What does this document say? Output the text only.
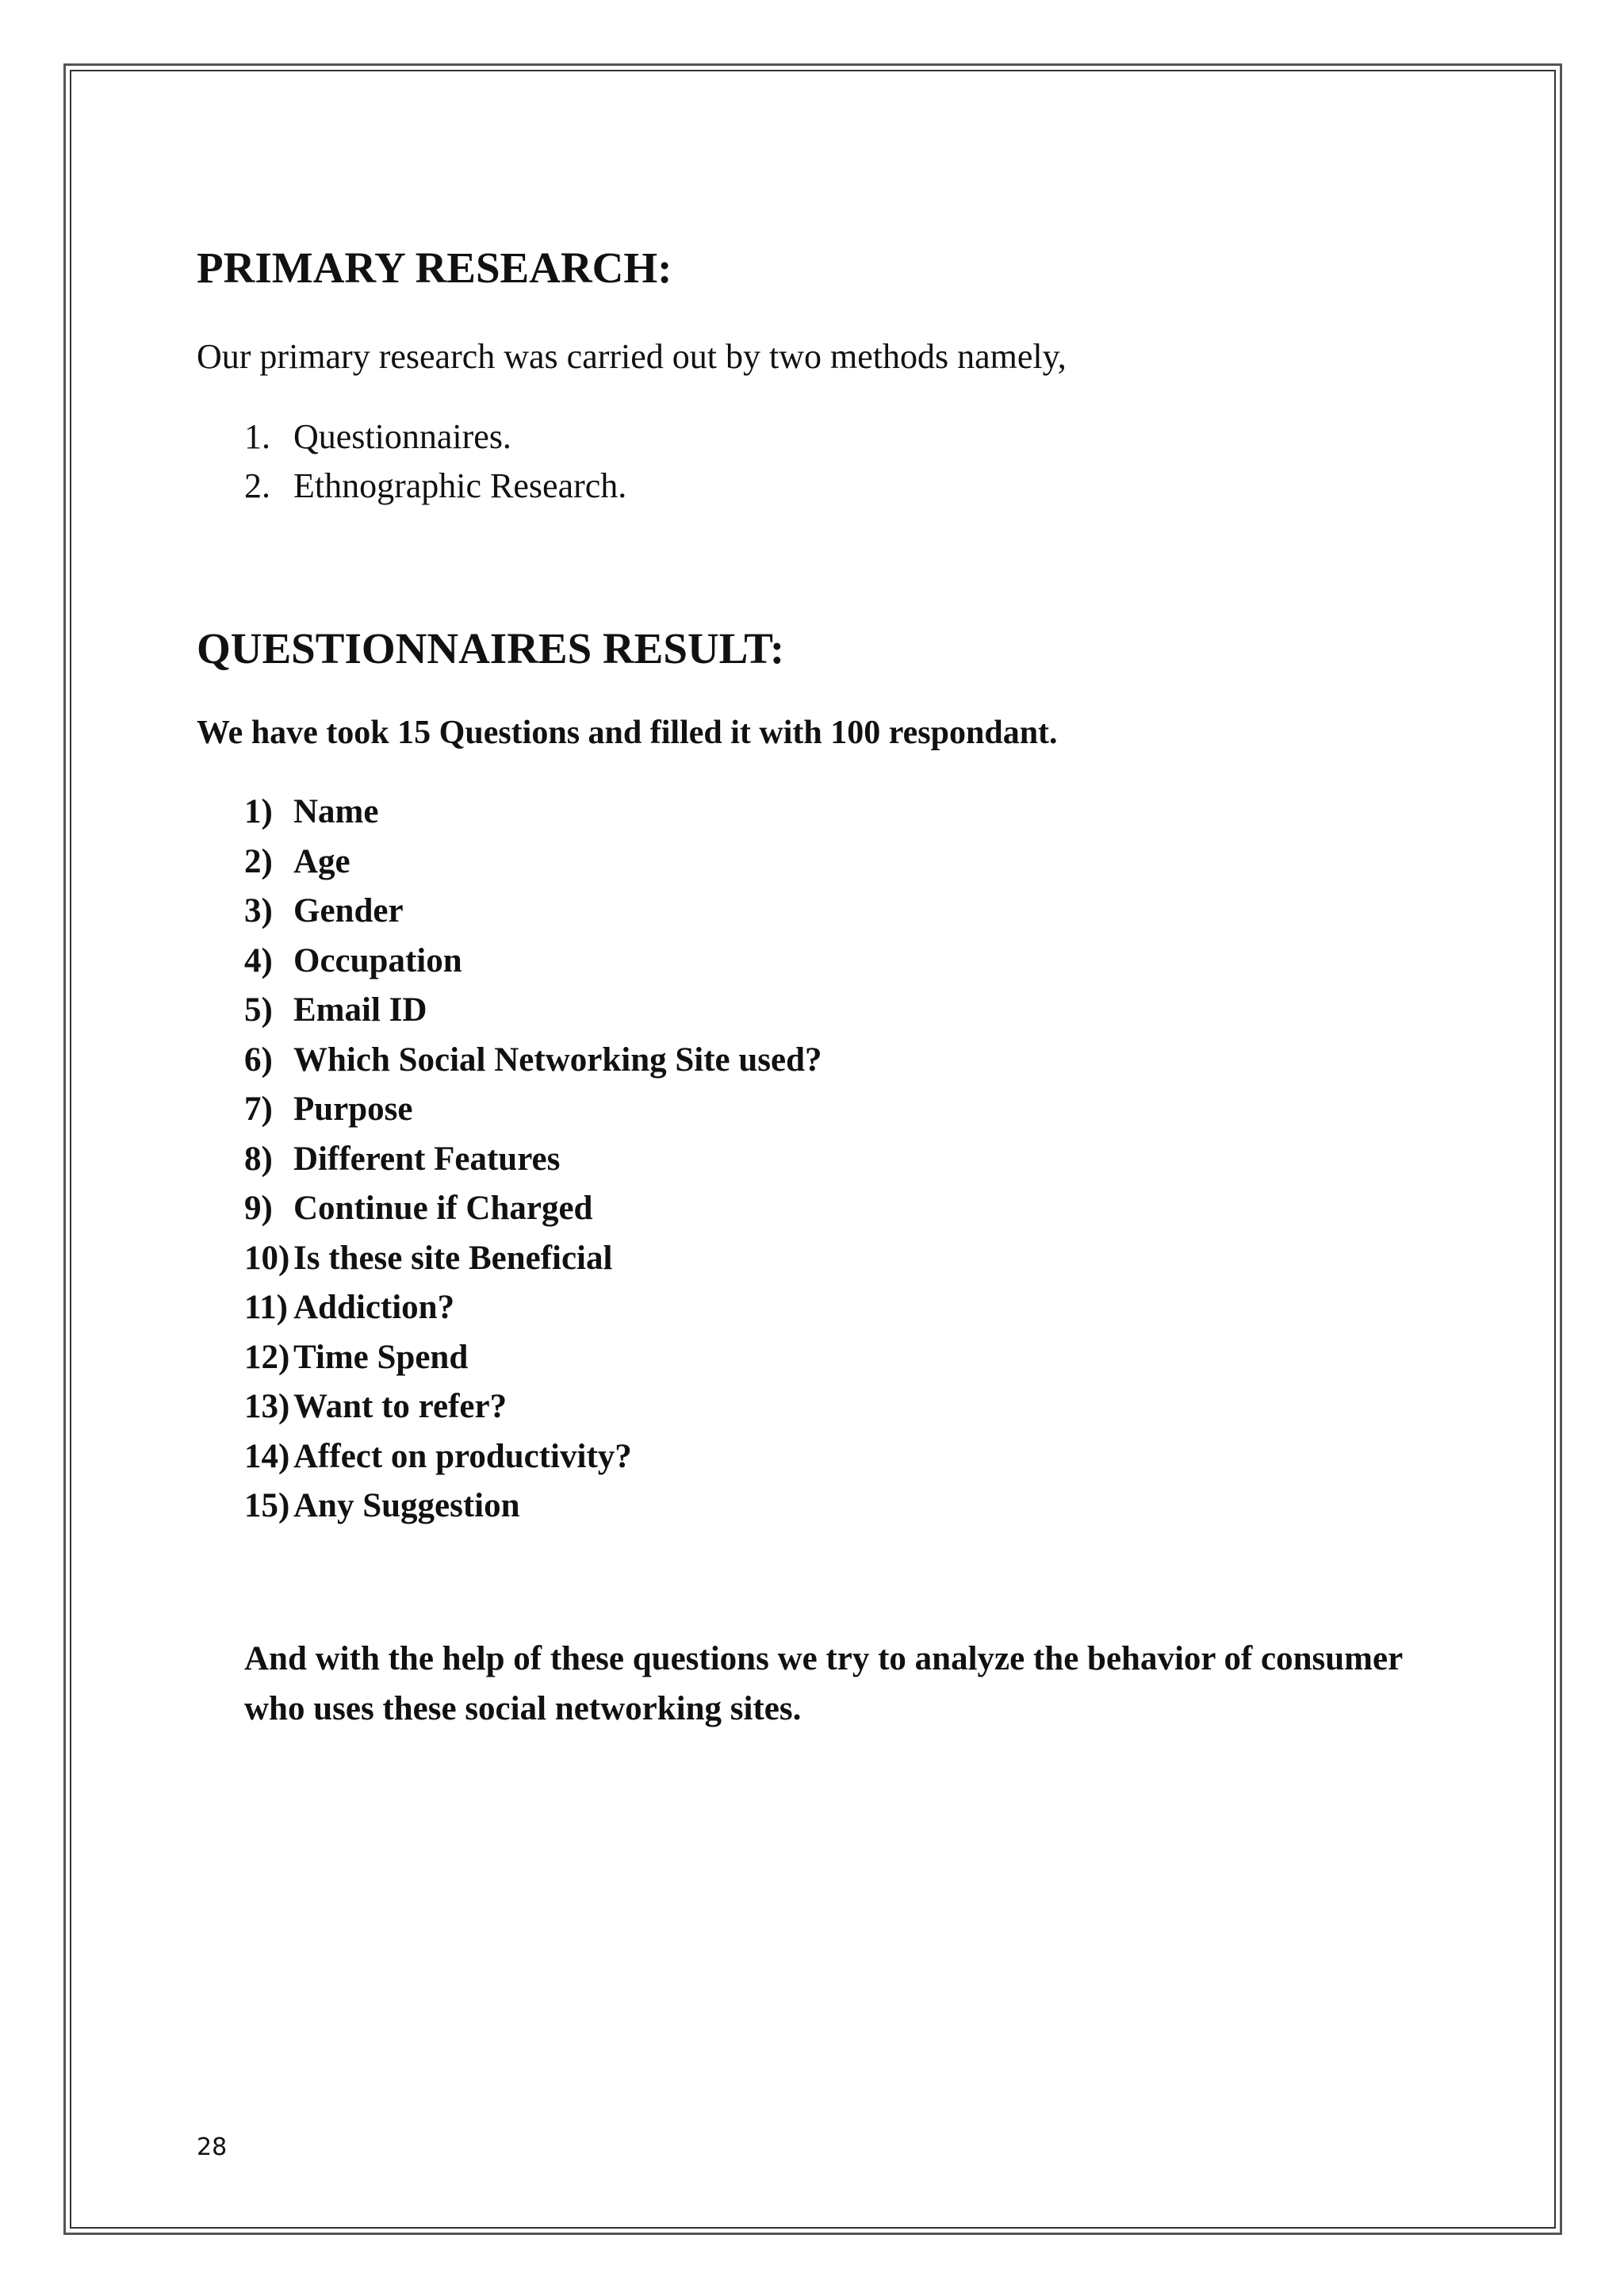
PRIMARY RESEARCH:
Our primary research was carried out by two methods namely,
1. Questionnaires.
2. Ethnographic Research.
QUESTIONNAIRES RESULT:
We have took 15 Questions and filled it with 100 respondant.
1) Name
2) Age
3) Gender
4) Occupation
5) Email ID
6) Which Social Networking Site used?
7) Purpose
8) Different Features
9) Continue if Charged
10) Is these site Beneficial
11) Addiction?
12) Time Spend
13) Want to refer?
14) Affect on productivity?
15) Any Suggestion
And with the help of these questions we try to analyze the behavior of consumer who uses these social networking sites.
28
